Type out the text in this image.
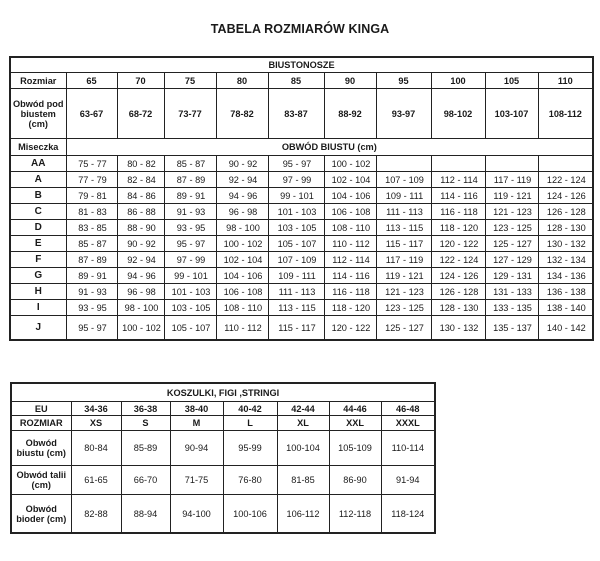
TABELA ROZMIARÓW KINGA
BIUSTONOSZE										
Rozmiar	65	70	75	80	85	90	95	100	105	110
Obwód pod biustem (cm)	63-67	68-72	73-77	78-82	83-87	88-92	93-97	98-102	103-107	108-112
Miseczka	OBWÓD BIUSTU (cm)									
AA	75 - 77	80 - 82	85 - 87	90 - 92	95 - 97	100 - 102				
A	77 - 79	82 - 84	87 - 89	92 - 94	97 - 99	102 - 104	107 - 109	112 - 114	117 - 119	122 - 124
B	79 - 81	84 - 86	89 - 91	94 - 96	99 - 101	104 - 106	109 - 111	114 - 116	119 - 121	124 - 126
C	81 - 83	86 - 88	91 - 93	96 - 98	101 - 103	106 - 108	111 - 113	116 - 118	121 - 123	126 - 128
D	83 - 85	88 - 90	93 - 95	98 - 100	103 - 105	108 - 110	113 - 115	118 - 120	123 - 125	128 - 130
E	85 - 87	90 - 92	95 - 97	100 - 102	105 - 107	110 - 112	115 - 117	120 - 122	125 - 127	130 - 132
F	87 - 89	92 - 94	97 - 99	102 - 104	107 - 109	112 - 114	117 - 119	122 - 124	127 - 129	132 - 134
G	89 - 91	94 - 96	99 - 101	104 - 106	109 - 111	114 - 116	119 - 121	124 - 126	129 - 131	134 - 136
H	91 - 93	96 - 98	101 - 103	106 - 108	111 - 113	116 - 118	121 - 123	126 - 128	131 - 133	136 - 138
I	93 - 95	98 - 100	103 - 105	108 - 110	113 - 115	118 - 120	123 - 125	128 - 130	133 - 135	138 - 140
J	95 - 97	100 - 102	105 - 107	110 - 112	115 - 117	120 - 122	125 - 127	130 - 132	135 - 137	140 - 142
KOSZULKI, FIGI ,STRINGI							
EU	34-36	36-38	38-40	40-42	42-44	44-46	46-48
ROZMIAR	XS	S	M	L	XL	XXL	XXXL
Obwód biustu (cm)	80-84	85-89	90-94	95-99	100-104	105-109	110-114
Obwód talii (cm)	61-65	66-70	71-75	76-80	81-85	86-90	91-94
Obwód bioder (cm)	82-88	88-94	94-100	100-106	106-112	112-118	118-124
